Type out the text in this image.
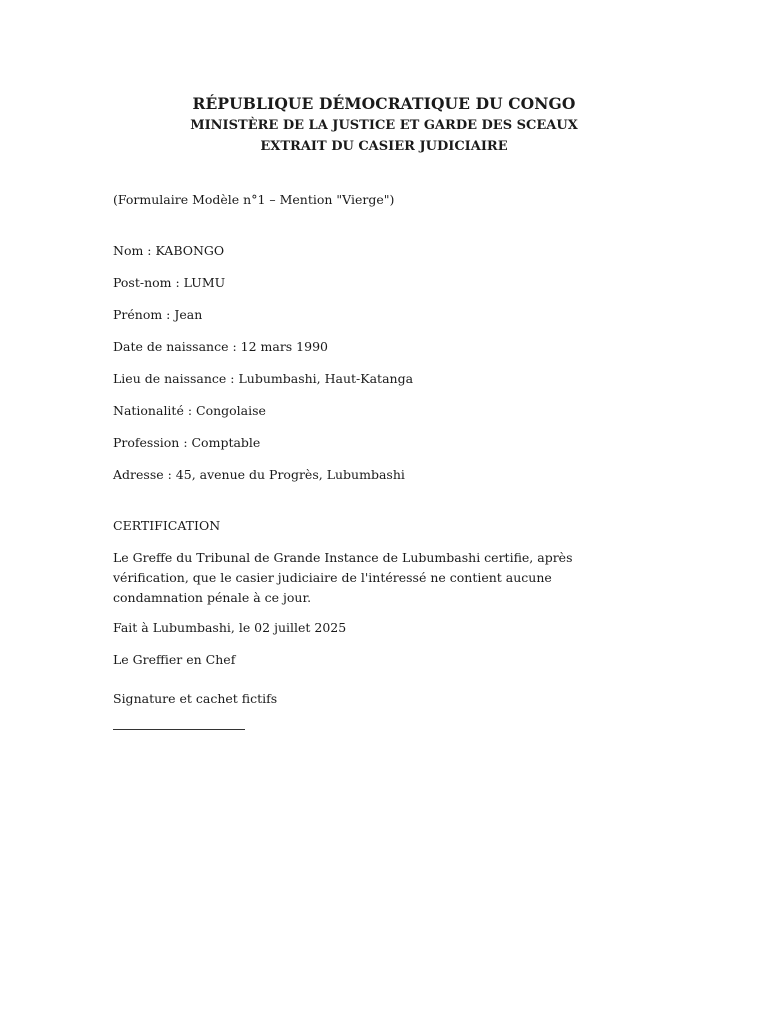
RÉPUBLIQUE DÉMOCRATIQUE DU CONGO
MINISTÈRE DE LA JUSTICE ET GARDE DES SCEAUX
EXTRAIT DU CASIER JUDICIAIRE
(Formulaire Modèle n°1 – Mention "Vierge")
Nom : KABONGO
Post-nom : LUMU
Prénom : Jean
Date de naissance : 12 mars 1990
Lieu de naissance : Lubumbashi, Haut-Katanga
Nationalité : Congolaise
Profession : Comptable
Adresse : 45, avenue du Progrès, Lubumbashi
CERTIFICATION
Le Greffe du Tribunal de Grande Instance de Lubumbashi certifie, après vérification, que le casier judiciaire de l'intéressé ne contient aucune condamnation pénale à ce jour.
Fait à Lubumbashi, le 02 juillet 2025
Le Greffier en Chef
Signature et cachet fictifs
